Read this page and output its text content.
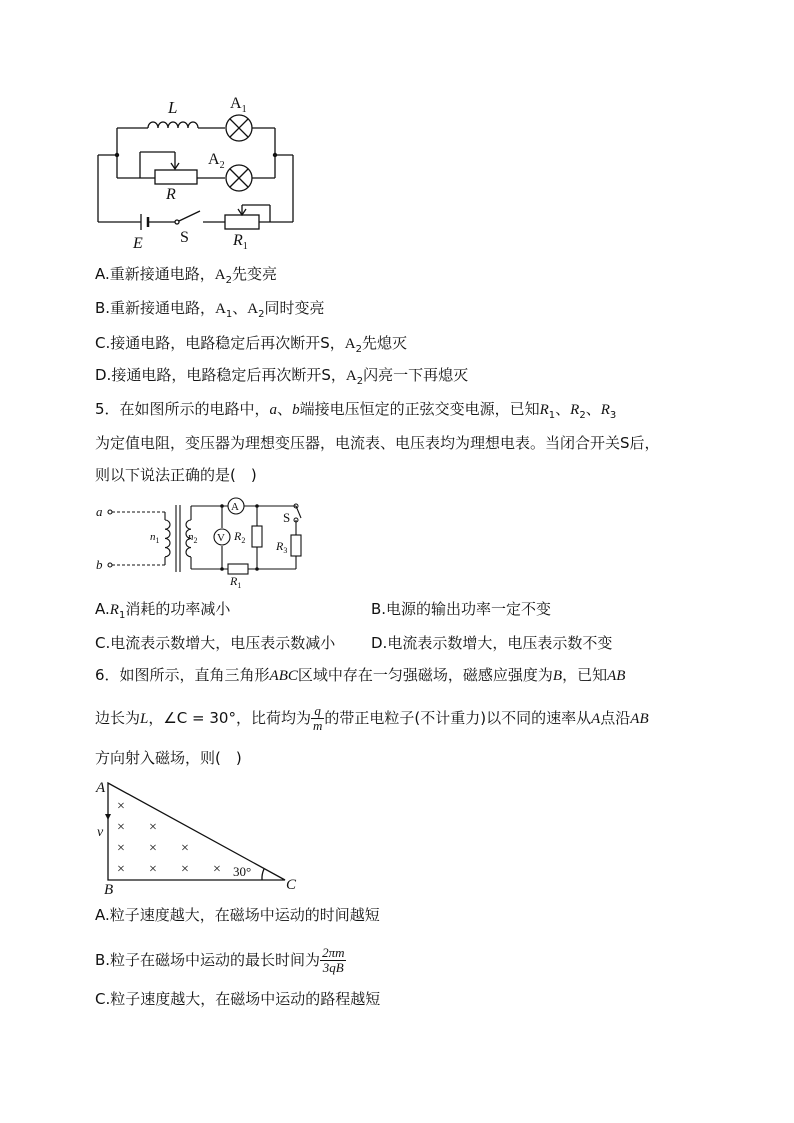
L	$A_1$
$A_2$
R
E S	$R_1$
A.重新接通电路，$A_2$先变亮
B.重新接通电路，$A_1$、$A_2$同时变亮
C.接通电路，电路稳定后再次断开S，$A_2$先熄灭
D.接通电路，电路稳定后再次断开S，$A_2$闪亮一下再熄灭
5．在如图所示的电路中，a、b端接电压恒定的正弦交变电源，已知$R_1$、$R_2$、$R_3$
为定值电阻，变压器为理想变压器，电流表、电压表均为理想电表。当闭合开关S后，
则以下说法正确的是(　)
a
b
$n_1$	$n_2$
A
V $R_2$
$R_1$
$R_3$
S
$A.R_1$消耗的功率减小	B.电源的输出功率一定不变
C.电流表示数增大，电压表示数减小 D.电流表示数增大，电压表示数不变
6．如图所示，直角三角形ABC区域中存在一匀强磁场，磁感应强度为B，已知AB
边长为L，∠C = 30°，比荷均为 $\frac{q}{m}$ 的带正电粒子(不计重力)以不同的速率从A点沿AB
方向射入磁场，则(　)
×
× ×
× × ×
× × × ×
A
B	C
v
30°
A.粒子速度越大，在磁场中运动的时间越短
B.粒子在磁场中运动的最长时间为 $\frac{2\pi m}{3qB}$
C.粒子速度越大，在磁场中运动的路程越短
